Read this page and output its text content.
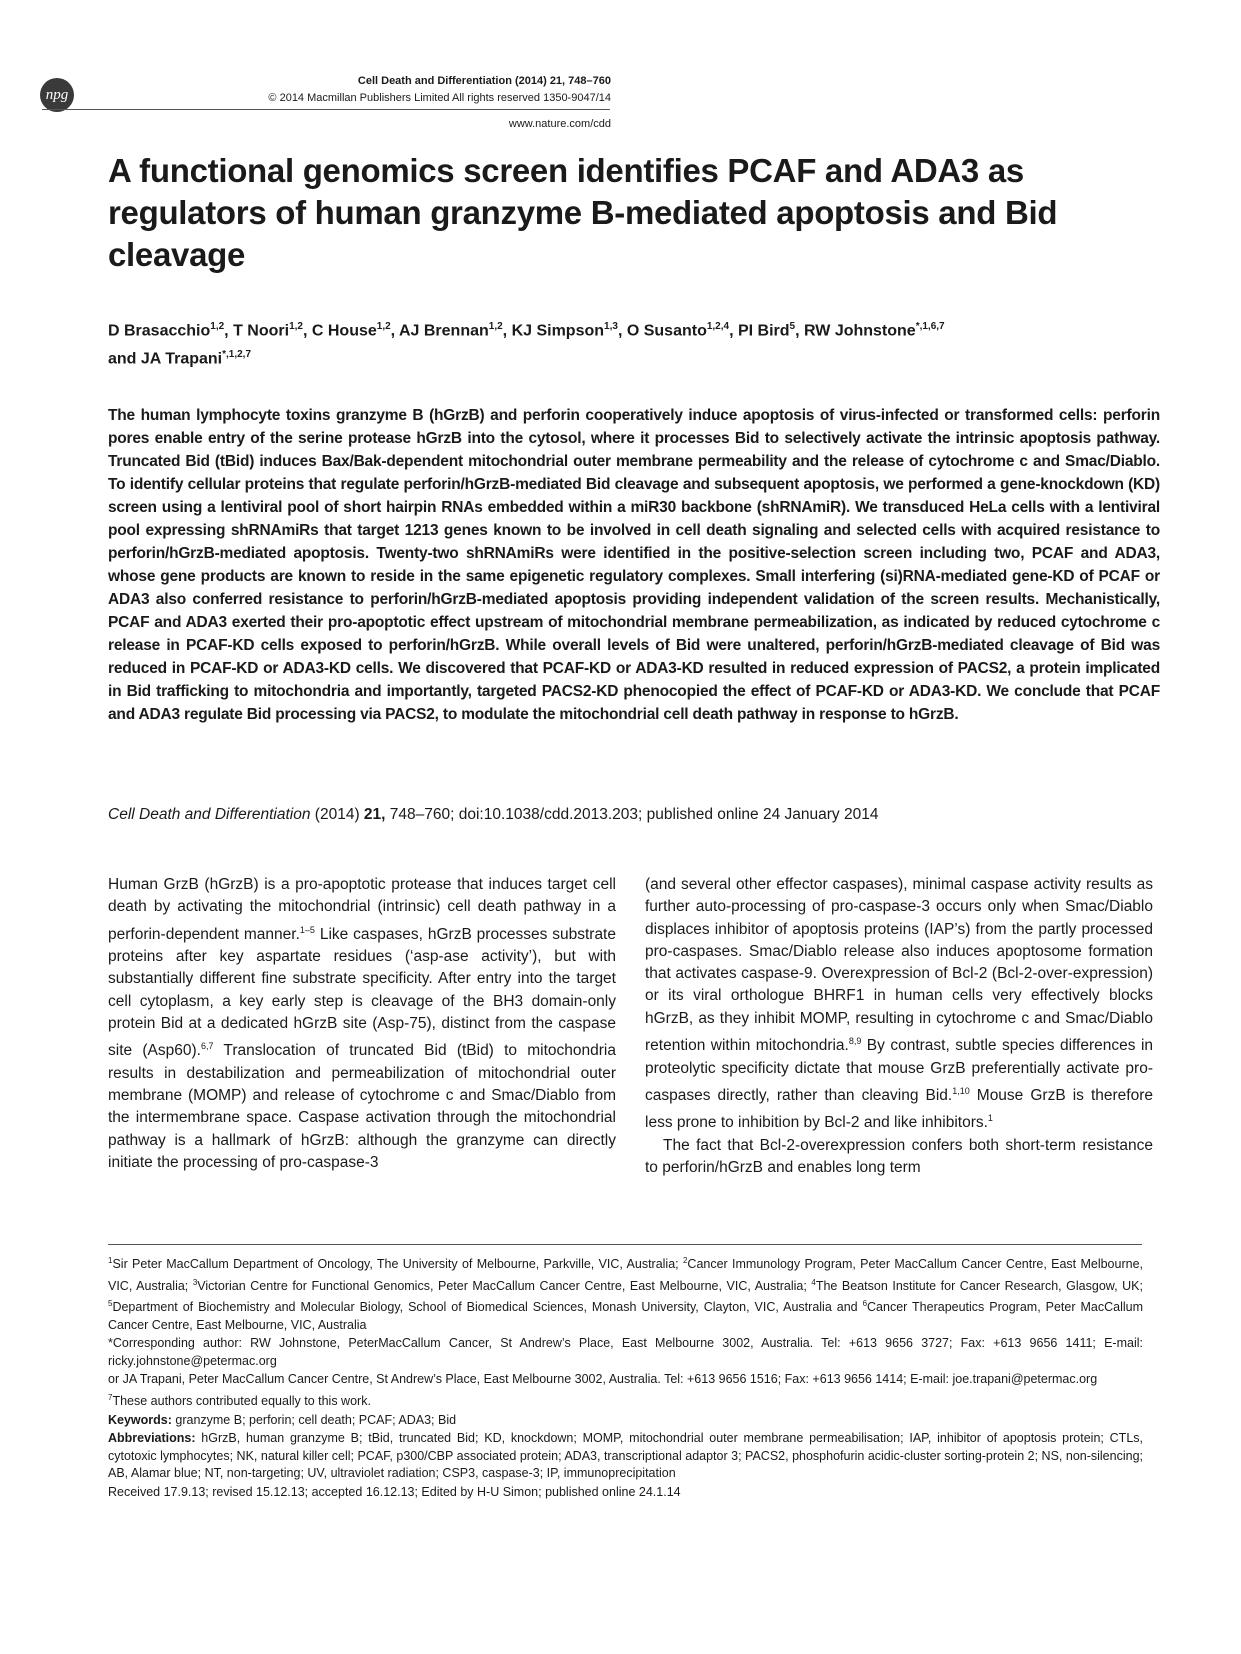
npg
Cell Death and Differentiation (2014) 21, 748–760
© 2014 Macmillan Publishers Limited All rights reserved 1350-9047/14
www.nature.com/cdd
A functional genomics screen identifies PCAF and ADA3 as regulators of human granzyme B-mediated apoptosis and Bid cleavage
D Brasacchio$^{1,2}$, T Noori$^{1,2}$, C House$^{1,2}$, AJ Brennan$^{1,2}$, KJ Simpson$^{1,3}$, O Susanto$^{1,2,4}$, PI Bird$^5$, RW Johnstone$^{*,1,6,7}$
and JA Trapani$^{*,1,2,7}$
The human lymphocyte toxins granzyme B (hGrzB) and perforin cooperatively induce apoptosis of virus-infected or transformed cells: perforin pores enable entry of the serine protease hGrzB into the cytosol, where it processes Bid to selectively activate the intrinsic apoptosis pathway. Truncated Bid (tBid) induces Bax/Bak-dependent mitochondrial outer membrane permeability and the release of cytochrome c and Smac/Diablo. To identify cellular proteins that regulate perforin/hGrzB-mediated Bid cleavage and subsequent apoptosis, we performed a gene-knockdown (KD) screen using a lentiviral pool of short hairpin RNAs embedded within a miR30 backbone (shRNAmiR). We transduced HeLa cells with a lentiviral pool expressing shRNAmiRs that target 1213 genes known to be involved in cell death signaling and selected cells with acquired resistance to perforin/hGrzB-mediated apoptosis. Twenty-two shRNAmiRs were identified in the positive-selection screen including two, PCAF and ADA3, whose gene products are known to reside in the same epigenetic regulatory complexes. Small interfering (si)RNA-mediated gene-KD of PCAF or ADA3 also conferred resistance to perforin/hGrzB-mediated apoptosis providing independent validation of the screen results. Mechanistically, PCAF and ADA3 exerted their pro-apoptotic effect upstream of mitochondrial membrane permeabilization, as indicated by reduced cytochrome c release in PCAF-KD cells exposed to perforin/hGrzB. While overall levels of Bid were unaltered, perforin/hGrzB-mediated cleavage of Bid was reduced in PCAF-KD or ADA3-KD cells. We discovered that PCAF-KD or ADA3-KD resulted in reduced expression of PACS2, a protein implicated in Bid trafficking to mitochondria and importantly, targeted PACS2-KD phenocopied the effect of PCAF-KD or ADA3-KD. We conclude that PCAF and ADA3 regulate Bid processing via PACS2, to modulate the mitochondrial cell death pathway in response to hGrzB.
Cell Death and Differentiation (2014) 21, 748–760; doi:10.1038/cdd.2013.203; published online 24 January 2014

Human GrzB (hGrzB) is a pro-apoptotic protease that induces target cell death by activating the mitochondrial (intrinsic) cell death pathway in a perforin-dependent manner.$^{1-5}$ Like caspases, hGrzB processes substrate proteins after key aspartate residues (‘asp-ase activity’), but with substantially different fine substrate specificity. After entry into the target cell cytoplasm, a key early step is cleavage of the BH3 domain-only protein Bid at a dedicated hGrzB site (Asp-75), distinct from the caspase site (Asp60).$^{6,7}$ Translocation of truncated Bid (tBid) to mitochondria results in destabilization and permeabilization of mitochondrial outer membrane (MOMP) and release of cytochrome c and Smac/Diablo from the intermembrane space. Caspase activation through the mitochondrial pathway is a hallmark of hGrzB: although the granzyme can directly initiate the processing of pro-caspase-3

(and several other effector caspases), minimal caspase activity results as further auto-processing of pro-caspase-3 occurs only when Smac/Diablo displaces inhibitor of apoptosis proteins (IAP’s) from the partly processed pro-caspases. Smac/Diablo release also induces apoptosome formation that activates caspase-9. Overexpression of Bcl-2 (Bcl-2-over-expression) or its viral orthologue BHRF1 in human cells very effectively blocks hGrzB, as they inhibit MOMP, resulting in cytochrome c and Smac/Diablo retention within mitochondria.$^{8,9}$ By contrast, subtle species differences in proteolytic specificity dictate that mouse GrzB preferentially activate pro-caspases directly, rather than cleaving Bid.$^{1,10}$ Mouse GrzB is therefore less prone to inhibition by Bcl-2 and like inhibitors.$^1$

The fact that Bcl-2-overexpression confers both short-term resistance to perforin/hGrzB and enables long term

$^1$Sir Peter MacCallum Department of Oncology, The University of Melbourne, Parkville, VIC, Australia; $^2$Cancer Immunology Program, Peter MacCallum Cancer Centre, East Melbourne, VIC, Australia; $^3$Victorian Centre for Functional Genomics, Peter MacCallum Cancer Centre, East Melbourne, VIC, Australia; $^4$The Beatson Institute for Cancer Research, Glasgow, UK; $^5$Department of Biochemistry and Molecular Biology, School of Biomedical Sciences, Monash University, Clayton, VIC, Australia and $^6$Cancer Therapeutics Program, Peter MacCallum Cancer Centre, East Melbourne, VIC, Australia

*Corresponding author: RW Johnstone, PeterMacCallum Cancer, St Andrew’s Place, East Melbourne 3002, Australia. Tel: +613 9656 3727; Fax: +613 9656 1411; E-mail: ricky.johnstone@petermac.org

or JA Trapani, Peter MacCallum Cancer Centre, St Andrew’s Place, East Melbourne 3002, Australia. Tel: +613 9656 1516; Fax: +613 9656 1414; E-mail: joe.trapani@petermac.org

$^7$These authors contributed equally to this work.

Keywords: granzyme B; perforin; cell death; PCAF; ADA3; Bid

Abbreviations: hGrzB, human granzyme B; tBid, truncated Bid; KD, knockdown; MOMP, mitochondrial outer membrane permeabilisation; IAP, inhibitor of apoptosis protein; CTLs, cytotoxic lymphocytes; NK, natural killer cell; PCAF, p300/CBP associated protein; ADA3, transcriptional adaptor 3; PACS2, phosphofurin acidic-cluster sorting-protein 2; NS, non-silencing; AB, Alamar blue; NT, non-targeting; UV, ultraviolet radiation; CSP3, caspase-3; IP, immunoprecipitation

Received 17.9.13; revised 15.12.13; accepted 16.12.13; Edited by H-U Simon; published online 24.1.14
